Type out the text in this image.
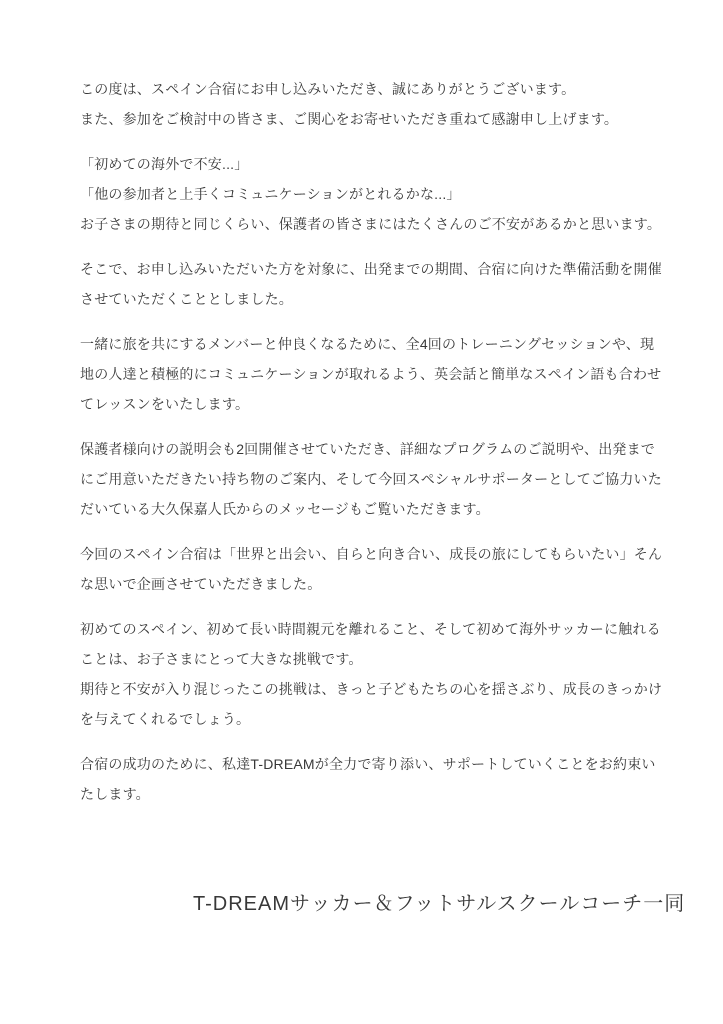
この度は、スペイン合宿にお申し込みいただき、誠にありがとうございます。
また、参加をご検討中の皆さま、ご関心をお寄せいただき重ねて感謝申し上げます。
「初めての海外で不安...」
「他の参加者と上手くコミュニケーションがとれるかな...」
お子さまの期待と同じくらい、保護者の皆さまにはたくさんのご不安があるかと思います。
そこで、お申し込みいただいた方を対象に、出発までの期間、合宿に向けた準備活動を開催
させていただくこととしました。
一緒に旅を共にするメンバーと仲良くなるために、全4回のトレーニングセッションや、現
地の人達と積極的にコミュニケーションが取れるよう、英会話と簡単なスペイン語も合わせ
てレッスンをいたします。
保護者様向けの説明会も2回開催させていただき、詳細なプログラムのご説明や、出発まで
にご用意いただきたい持ち物のご案内、そして今回スペシャルサポーターとしてご協力いた
だいている大久保嘉人氏からのメッセージもご覧いただきます。
今回のスペイン合宿は「世界と出会い、自らと向き合い、成長の旅にしてもらいたい」そん
な思いで企画させていただきました。
初めてのスペイン、初めて長い時間親元を離れること、そして初めて海外サッカーに触れる
ことは、お子さまにとって大きな挑戦です。
期待と不安が入り混じったこの挑戦は、きっと子どもたちの心を揺さぶり、成長のきっかけ
を与えてくれるでしょう。
合宿の成功のために、私達T-DREAMが全力で寄り添い、サポートしていくことをお約束い
たします。
T-DREAMサッカー＆フットサルスクールコーチ一同
